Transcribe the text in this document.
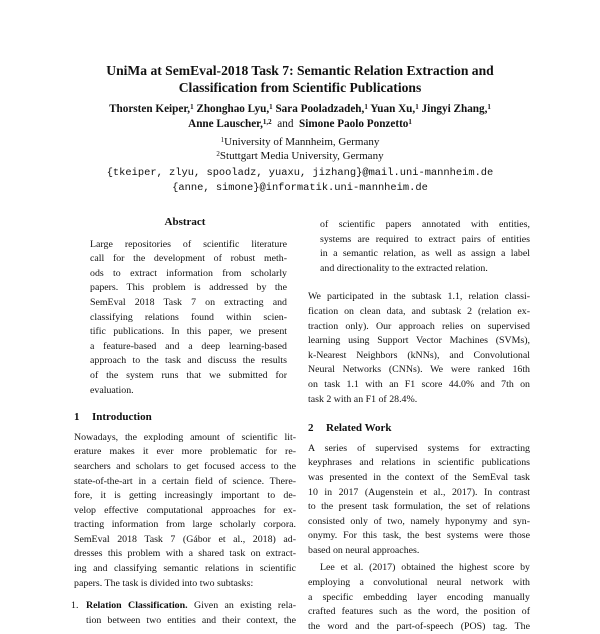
UniMa at SemEval-2018 Task 7: Semantic Relation Extraction and
Classification from Scientific Publications
Thorsten Keiper,$^1$ Zhonghao Lyu,$^1$ Sara Pooladzadeh,$^1$ Yuan Xu,$^1$ Jingyi Zhang,$^1$
Anne Lauscher,$^{1,2}$ and Simone Paolo Ponzetto$^1$
$^1$University of Mannheim, Germany
$^2$Stuttgart Media University, Germany
{tkeiper, zlyu, spooladz, yuaxu, jizhang}@mail.uni-mannheim.de
{anne, simone}@informatik.uni-mannheim.de
Abstract
Large repositories of scientific literature
call for the development of robust meth-
ods to extract information from scholarly
papers. This problem is addressed by the
SemEval 2018 Task 7 on extracting and
classifying relations found within scien-
tific publications. In this paper, we present
a feature-based and a deep learning-based
approach to the task and discuss the results
of the system runs that we submitted for
evaluation.
1 Introduction
Nowadays, the exploding amount of scientific lit-
erature makes it ever more problematic for re-
searchers and scholars to get focused access to the
state-of-the-art in a certain field of science. There-
fore, it is getting increasingly important to de-
velop effective computational approaches for ex-
tracting information from large scholarly corpora.
SemEval 2018 Task 7 (Gábor et al., 2018) ad-
dresses this problem with a shared task on extract-
ing and classifying semantic relations in scientific
papers. The task is divided into two subtasks:
1. Relation Classification. Given an existing rela-
tion between two entities and their context, the
of scientific papers annotated with entities,
systems are required to extract pairs of entities
in a semantic relation, as well as assign a label
and directionality to the extracted relation.
We participated in the subtask 1.1, relation classi-
fication on clean data, and subtask 2 (relation ex-
traction only). Our approach relies on supervised
learning using Support Vector Machines (SVMs),
k-Nearest Neighbors (kNNs), and Convolutional
Neural Networks (CNNs). We were ranked 16th
on task 1.1 with an F1 score 44.0% and 7th on
task 2 with an F1 of 28.4%.
2 Related Work
A series of supervised systems for extracting
keyphrases and relations in scientific publications
was presented in the context of the SemEval task
10 in 2017 (Augenstein et al., 2017). In contrast
to the present task formulation, the set of relations
consisted only of two, namely hyponymy and syn-
onymy. For this task, the best systems were those
based on neural approaches.
Lee et al. (2017) obtained the highest score by
employing a convolutional neural network with
a specific embedding layer encoding manually
crafted features such as the word, the position of
the word and the part-of-speech (POS) tag. The
